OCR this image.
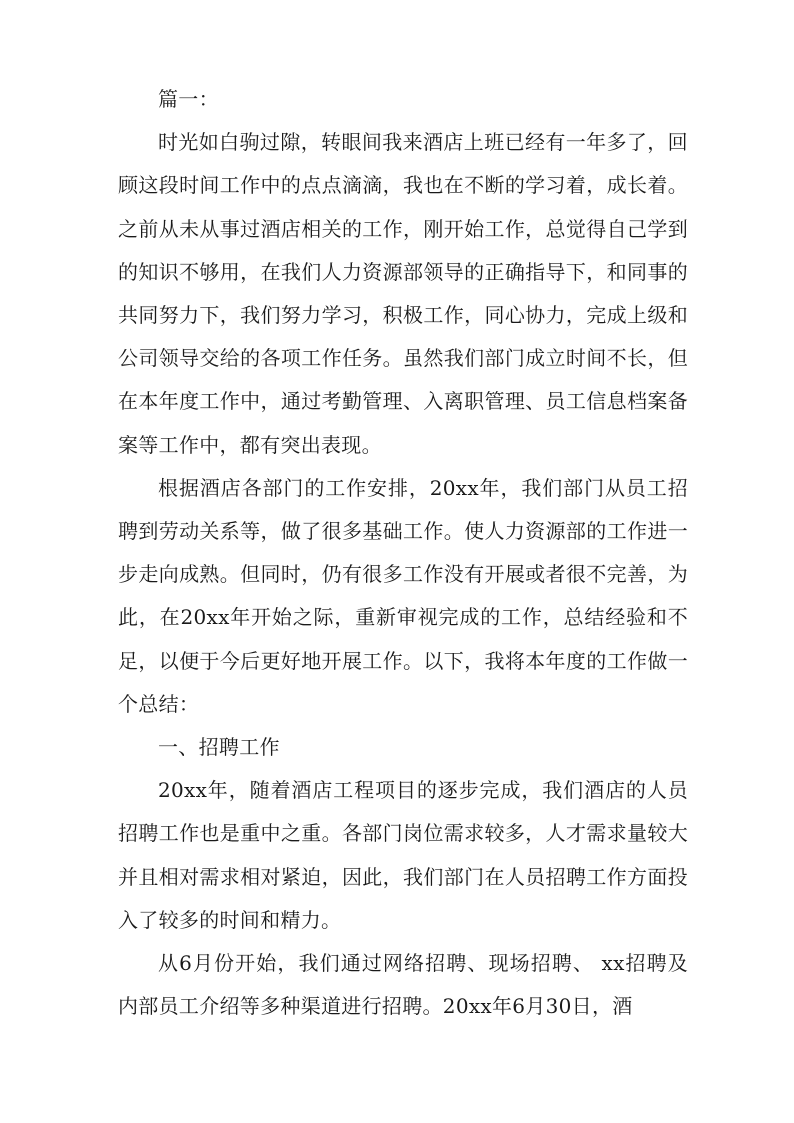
篇一：

时光如白驹过隙，转眼间我来酒店上班已经有一年多了，回顾这段时间工作中的点点滴滴，我也在不断的学习着，成长着。之前从未从事过酒店相关的工作，刚开始工作，总觉得自己学到的知识不够用，在我们人力资源部领导的正确指导下，和同事的共同努力下，我们努力学习，积极工作，同心协力，完成上级和公司领导交给的各项工作任务。虽然我们部门成立时间不长，但在本年度工作中，通过考勤管理、入离职管理、员工信息档案备案等工作中，都有突出表现。

根据酒店各部门的工作安排，20xx年，我们部门从员工招聘到劳动关系等，做了很多基础工作。使人力资源部的工作进一步走向成熟。但同时，仍有很多工作没有开展或者很不完善，为此，在20xx年开始之际，重新审视完成的工作，总结经验和不足，以便于今后更好地开展工作。以下，我将本年度的工作做一个总结：

一、招聘工作

20xx年，随着酒店工程项目的逐步完成，我们酒店的人员招聘工作也是重中之重。各部门岗位需求较多，人才需求量较大并且相对需求相对紧迫，因此，我们部门在人员招聘工作方面投入了较多的时间和精力。

从6月份开始，我们通过网络招聘、现场招聘、 xx招聘及内部员工介绍等多种渠道进行招聘。20xx年6月30日，酒
